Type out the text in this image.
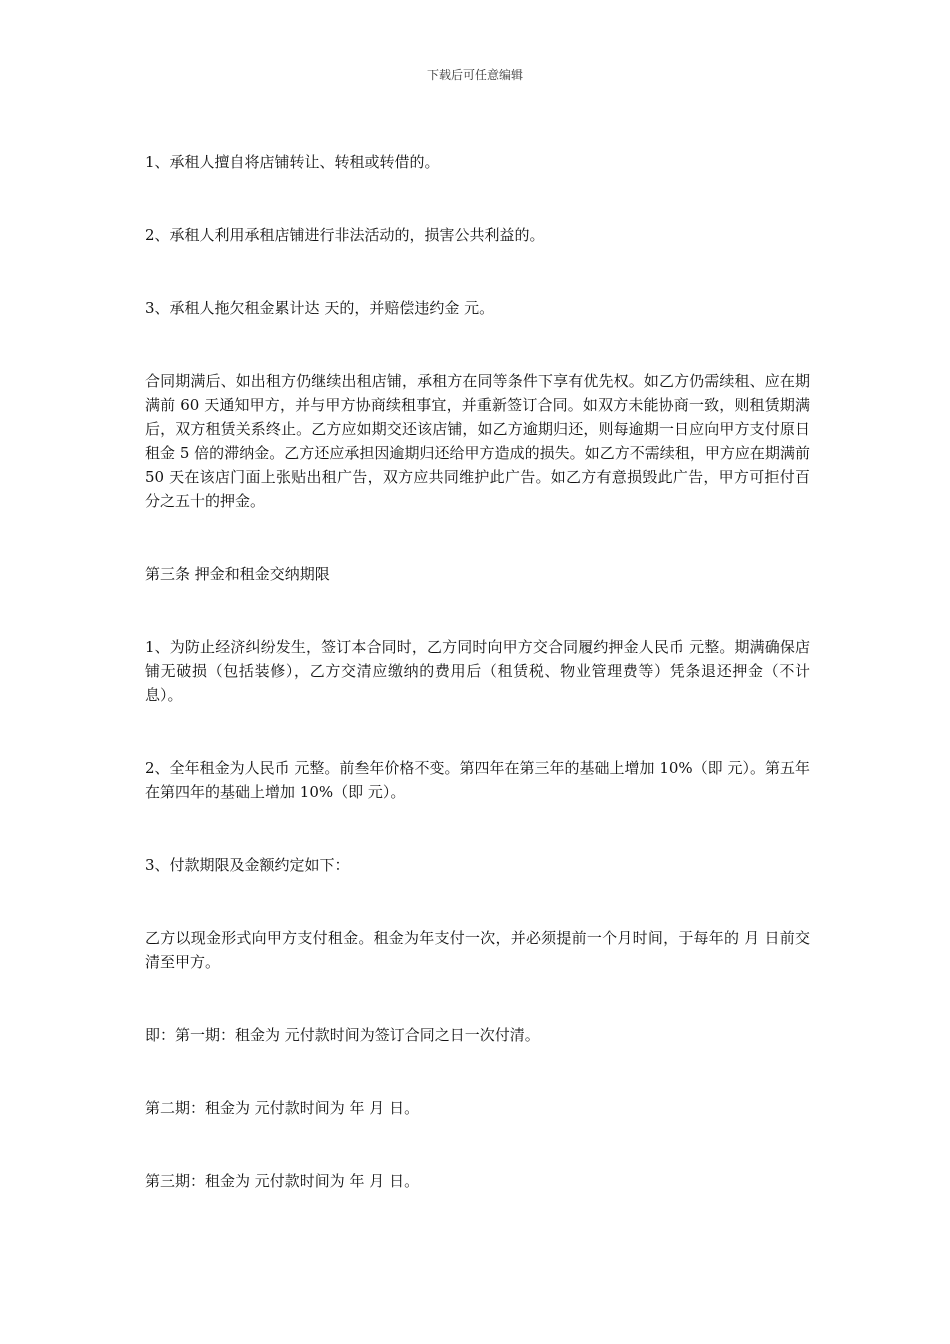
下载后可任意编辑

1、承租人擅自将店铺转让、转租或转借的。

2、承租人利用承租店铺进行非法活动的，损害公共利益的。

3、承租人拖欠租金累计达 天的，并赔偿违约金 元。

合同期满后、如出租方仍继续出租店铺，承租方在同等条件下享有优先权。如乙方仍需续租、应在期满前 60 天通知甲方，并与甲方协商续租事宜，并重新签订合同。如双方未能协商一致，则租赁期满后，双方租赁关系终止。乙方应如期交还该店铺，如乙方逾期归还，则每逾期一日应向甲方支付原日租金 5 倍的滞纳金。乙方还应承担因逾期归还给甲方造成的损失。如乙方不需续租，甲方应在期满前 50 天在该店门面上张贴出租广告，双方应共同维护此广告。如乙方有意损毁此广告，甲方可拒付百分之五十的押金。

第三条 押金和租金交纳期限

1、为防止经济纠纷发生，签订本合同时，乙方同时向甲方交合同履约押金人民币 元整。期满确保店铺无破损（包括装修），乙方交清应缴纳的费用后（租赁税、物业管理费等）凭条退还押金（不计息）。

2、全年租金为人民币 元整。前叁年价格不变。第四年在第三年的基础上增加 10%（即 元）。第五年在第四年的基础上增加 10%（即 元）。

3、付款期限及金额约定如下：

乙方以现金形式向甲方支付租金。租金为年支付一次，并必须提前一个月时间，于每年的 月 日前交清至甲方。

即：第一期：租金为 元付款时间为签订合同之日一次付清。

第二期：租金为 元付款时间为 年 月 日。

第三期：租金为 元付款时间为 年 月 日。
